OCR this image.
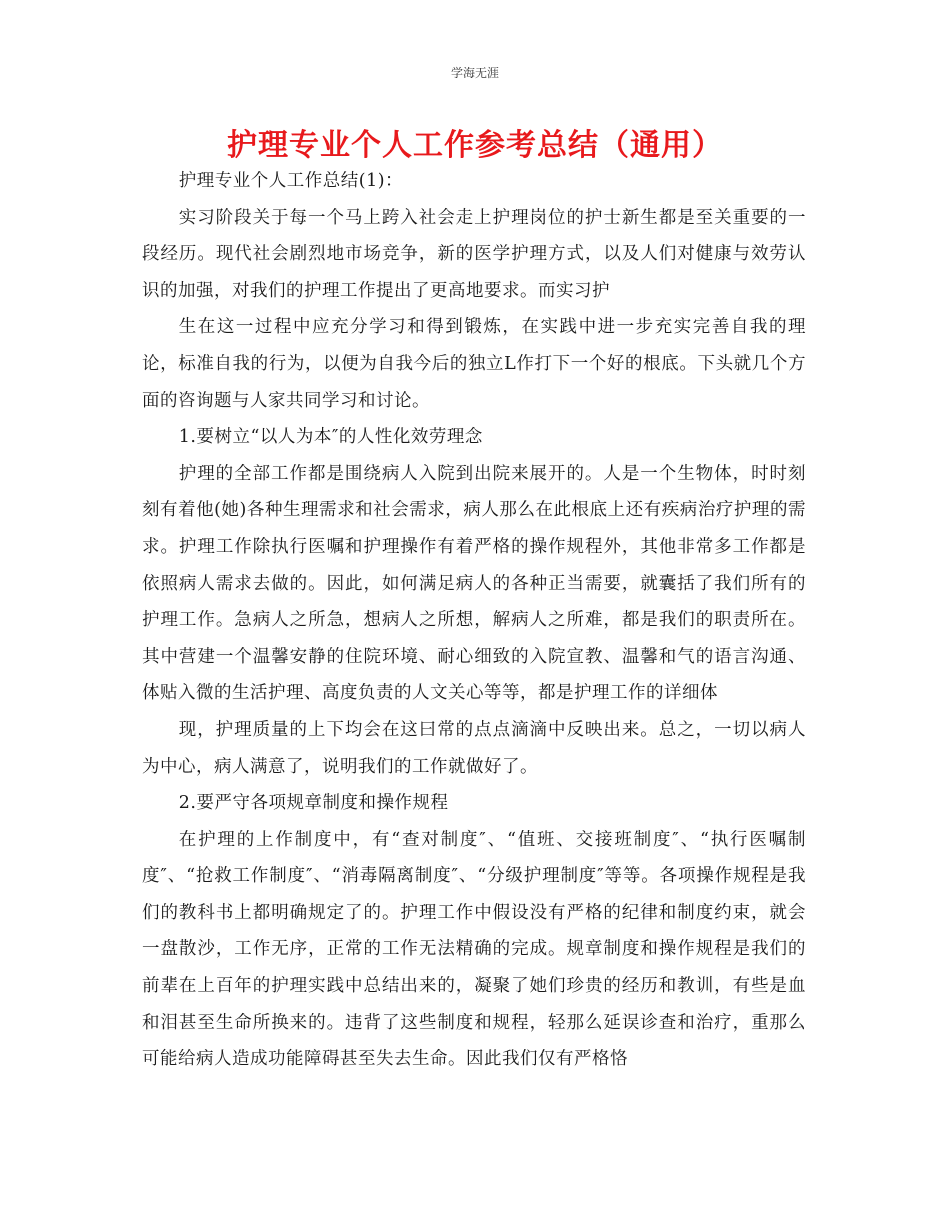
学海无涯
护理专业个人工作参考总结（通用）

护理专业个人工作总结(1)：

实习阶段关于每一个马上跨入社会走上护理岗位的护士新生都是至关重要的一段经历。现代社会剧烈地市场竞争，新的医学护理方式，以及人们对健康与效劳认识的加强，对我们的护理工作提出了更高地要求。而实习护

生在这一过程中应充分学习和得到锻炼，在实践中进一步充实完善自我的理论，标准自我的行为，以便为自我今后的独立L作打下一个好的根底。下头就几个方面的咨询题与人家共同学习和讨论。

1.要树立“以人为本″的人性化效劳理念

护理的全部工作都是围绕病人入院到出院来展开的。人是一个生物体，时时刻刻有着他(她)各种生理需求和社会需求，病人那么在此根底上还有疾病治疗护理的需求。护理工作除执行医嘱和护理操作有着严格的操作规程外，其他非常多工作都是依照病人需求去做的。因此，如何满足病人的各种正当需要，就囊括了我们所有的护理工作。急病人之所急，想病人之所想，解病人之所难，都是我们的职责所在。其中营建一个温馨安静的住院环境、耐心细致的入院宣教、温馨和气的语言沟通、体贴入微的生活护理、高度负责的人文关心等等，都是护理工作的详细体

现，护理质量的上下均会在这曰常的点点滴滴中反映出来。总之，一切以病人为中心，病人满意了，说明我们的工作就做好了。

2.要严守各项规章制度和操作规程

在护理的上作制度中，有“查对制度″、“值班、交接班制度″、“执行医嘱制度″、“抢救工作制度″、“消毒隔离制度″、“分级护理制度″等等。各项操作规程是我们的教科书上都明确规定了的。护理工作中假设没有严格的纪律和制度约束，就会一盘散沙，工作无序，正常的工作无法精确的完成。规章制度和操作规程是我们的前辈在上百年的护理实践中总结出来的，凝聚了她们珍贵的经历和教训，有些是血和泪甚至生命所换来的。违背了这些制度和规程，轻那么延误诊查和治疗，重那么可能给病人造成功能障碍甚至失去生命。因此我们仅有严格恪
